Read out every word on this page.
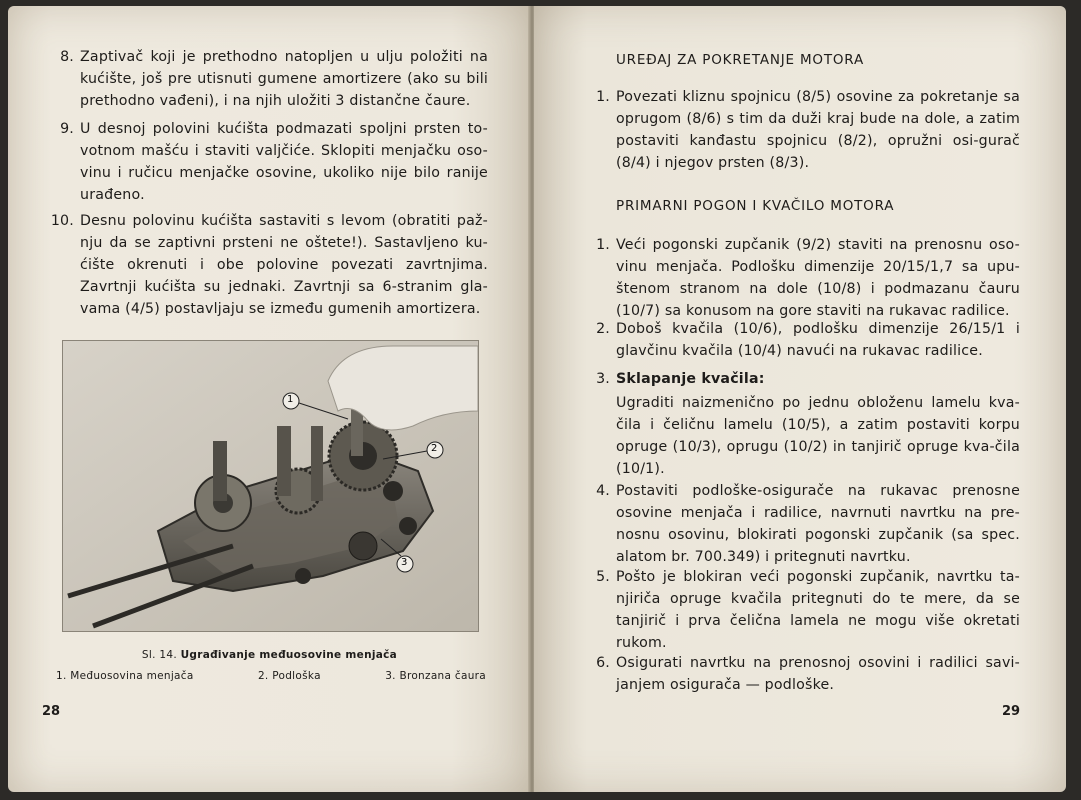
8. Zaptivač koji je prethodno natopljen u ulju položiti na kućište, još pre utisnuti gumene amortizere (ako su bili prethodno vađeni), i na njih uložiti 3 distančne čaure.
9. U desnoj polovini kućišta podmazati spoljni prsten to-votnom mašću i staviti valjčiće. Sklopiti menjačku oso-vinu i ručicu menjačke osovine, ukoliko nije bilo ranije urađeno.
10. Desnu polovinu kućišta sastaviti s levom (obratiti paž-nju da se zaptivni prsteni ne oštete!). Sastavljeno ku-ćište okrenuti i obe polovine povezati zavrtnjima. Zavrtnji kućišta su jednaki. Zavrtnji sa 6-stranim gla-vama (4/5) postavljaju se između gumenih amortizera.
1
2
3
Sl. 14. Ugrađivanje međuosovine menjača
1. Međuosovina menjača	2. Podloška	3. Bronzana čaura
28
UREĐAJ ZA POKRETANJE MOTORA
1. Povezati kliznu spojnicu (8/5) osovine za pokretanje sa oprugom (8/6) s tim da duži kraj bude na dole, a zatim postaviti kanđastu spojnicu (8/2), opružni osi-gurač (8/4) i njegov prsten (8/3).
PRIMARNI POGON I KVAČILO MOTORA
1. Veći pogonski zupčanik (9/2) staviti na prenosnu oso-vinu menjača. Podlošku dimenzije 20/15/1,7 sa upu-štenom stranom na dole (10/8) i podmazanu čauru (10/7) sa konusom na gore staviti na rukavac radilice.
2. Doboš kvačila (10/6), podlošku dimenzije 26/15/1 i glavčinu kvačila (10/4) navući na rukavac radilice.
3. Sklapanje kvačila:
Ugraditi naizmenično po jednu obloženu lamelu kva-čila i čeličnu lamelu (10/5), a zatim postaviti korpu opruge (10/3), oprugu (10/2) in tanjirič opruge kva-čila (10/1).
4. Postaviti podloške-osigurače na rukavac prenosne osovine menjača i radilice, navrnuti navrtku na pre-nosnu osovinu, blokirati pogonski zupčanik (sa spec. alatom br. 700.349) i pritegnuti navrtku.
5. Pošto je blokiran veći pogonski zupčanik, navrtku ta-njiriča opruge kvačila pritegnuti do te mere, da se tanjirič i prva čelična lamela ne mogu više okretati rukom.
6. Osigurati navrtku na prenosnoj osovini i radilici savi-janjem osigurača — podloške.
29
